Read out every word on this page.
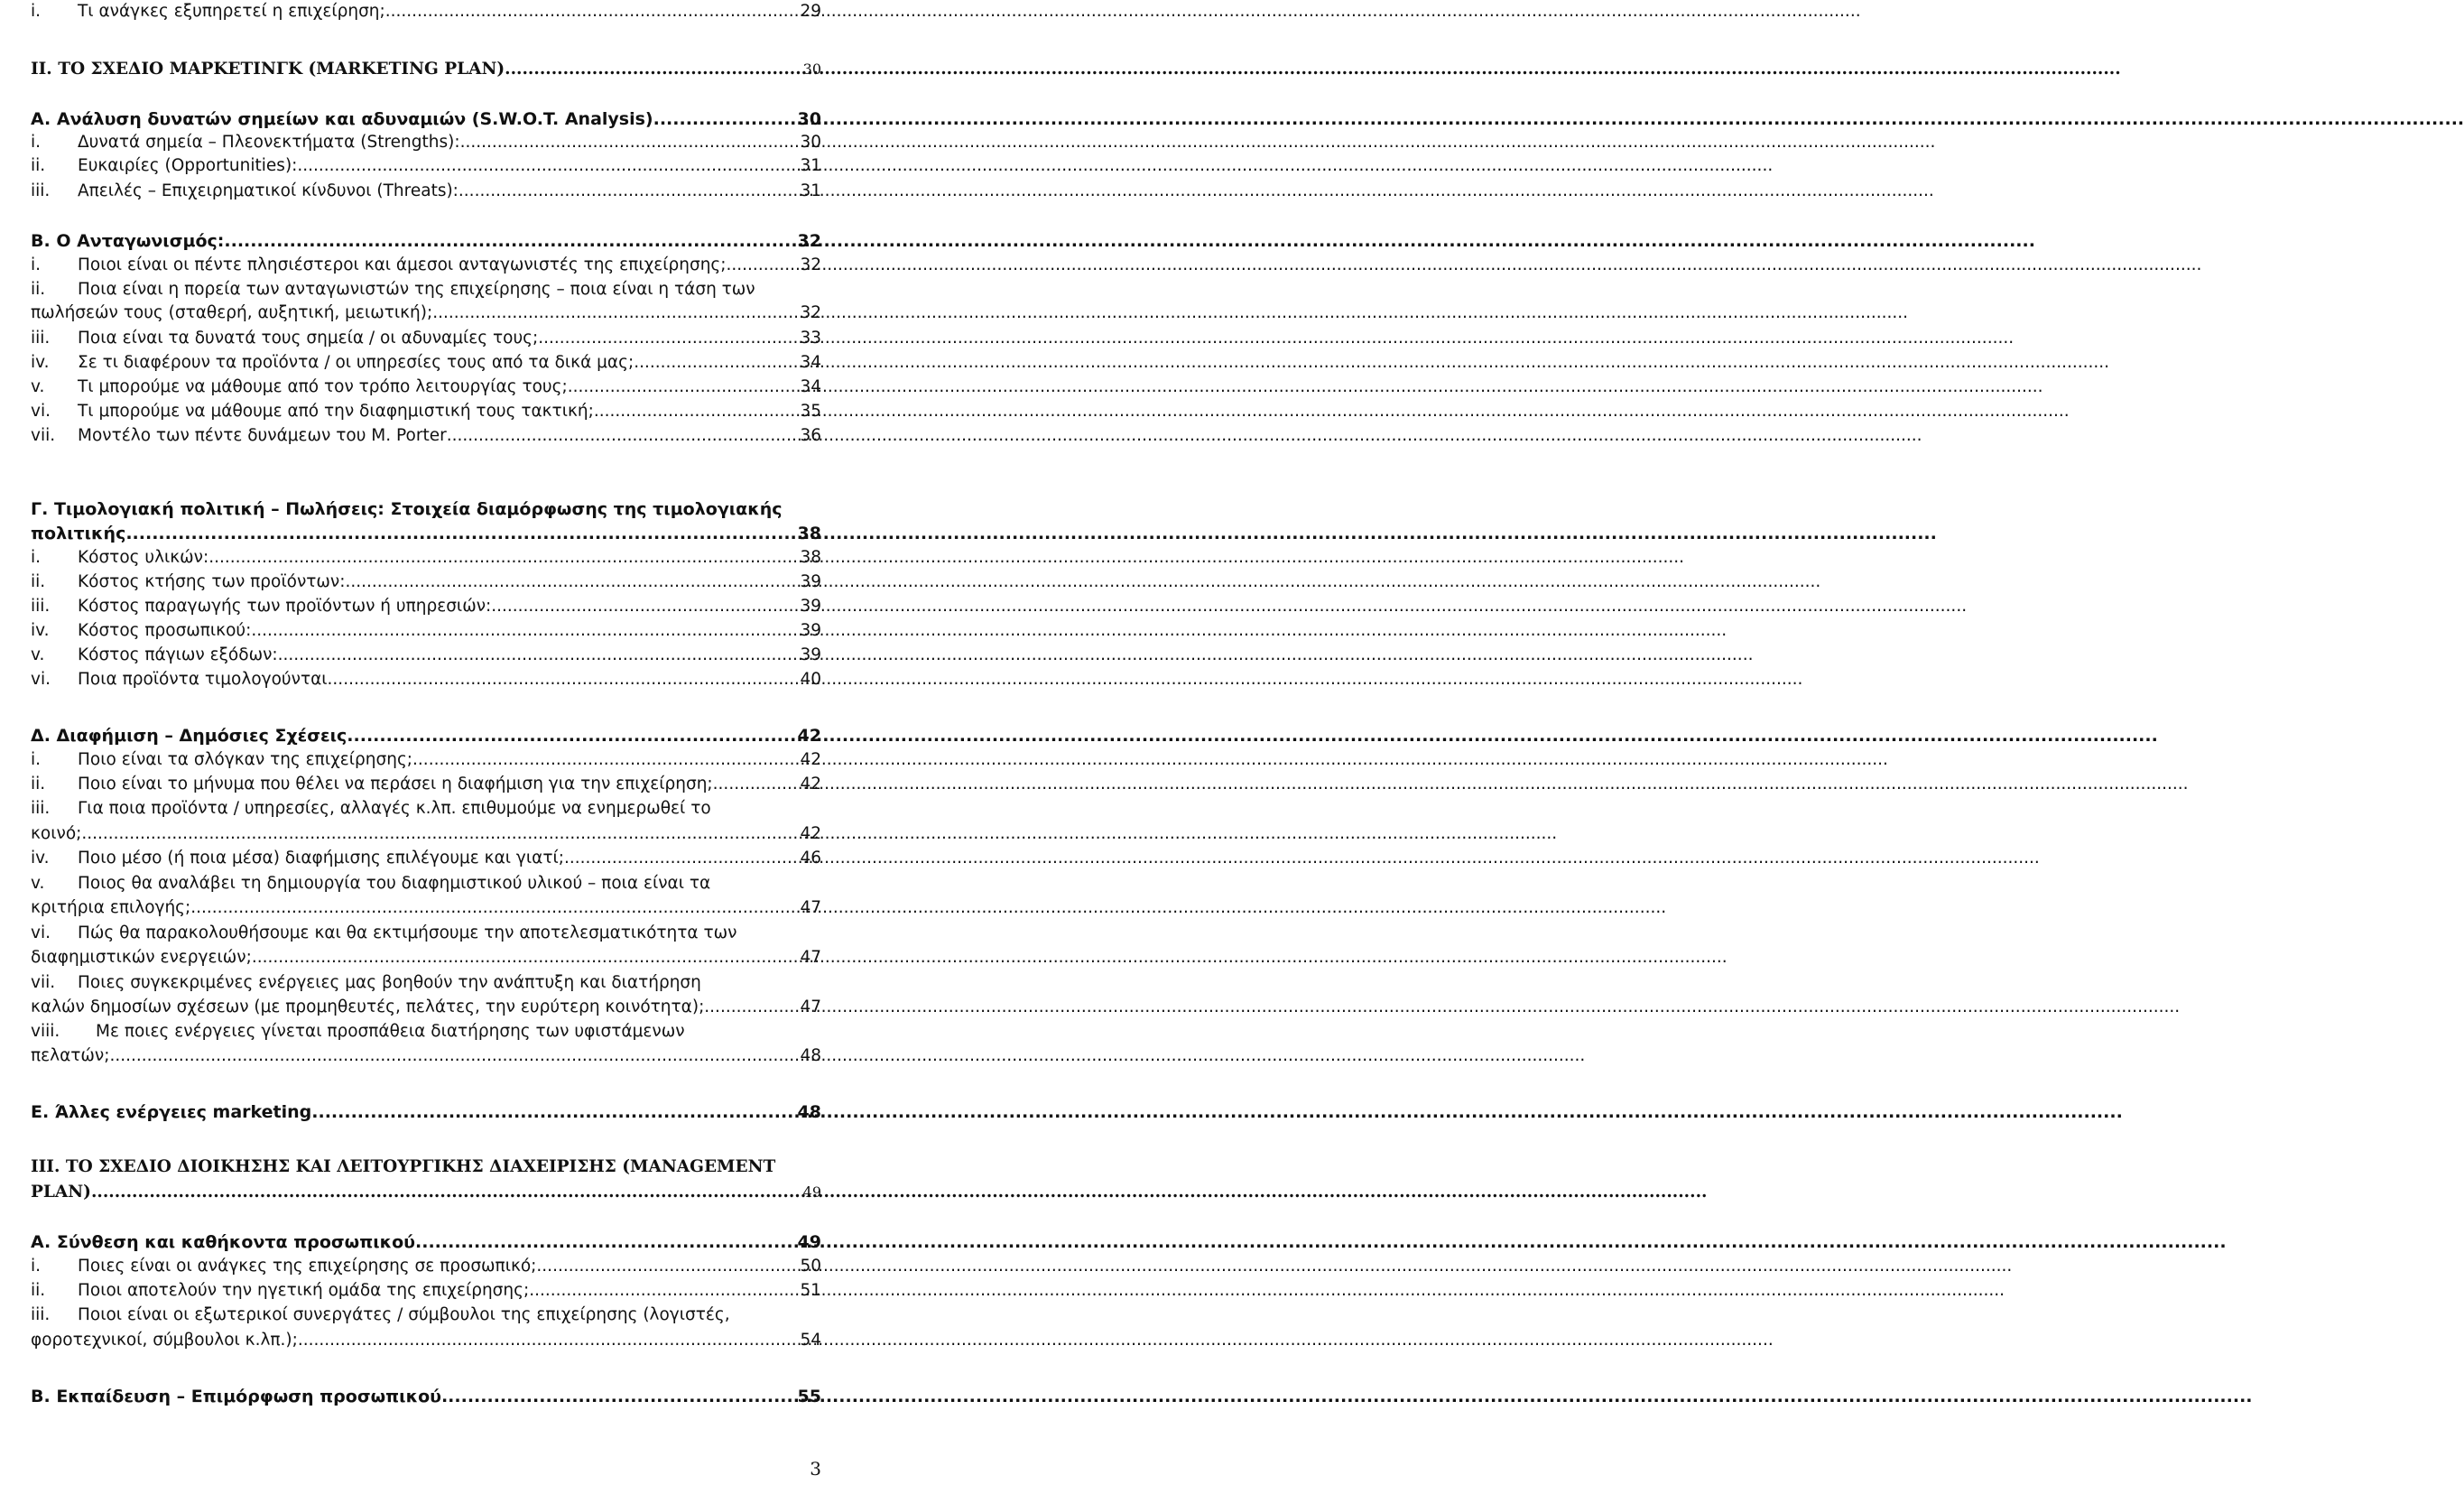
i.	Τι ανάγκες εξυπηρετεί η επιχείρηση; .....	29
II. ΤΟ ΣΧΕΔΙΟ ΜΑΡΚΕΤΙΝΓΚ (MARKETING PLAN) .....	30
A. Ανάλυση δυνατών σημείων και αδυναμιών (S.W.O.T. Analysis) .....	30
i.	Δυνατά σημεία – Πλεονεκτήματα (Strengths): .....	30
ii.	Ευκαιρίες (Opportunities): .....	31
iii.	Απειλές – Επιχειρηματικοί κίνδυνοι (Threats): .....	31
B. O Ανταγωνισμός: .....	32
i.	Ποιοι είναι οι πέντε πλησιέστεροι και άμεσοι ανταγωνιστές της επιχείρησης; .....	32
ii. Ποια είναι η πορεία των ανταγωνιστών της επιχείρησης – ποια είναι η τάση των
πωλήσεών τους (σταθερή, αυξητική, μειωτική); .....	32
iii.	Ποια είναι τα δυνατά τους σημεία / οι αδυναμίες τους; .....	33
iv.	Σε τι διαφέρουν τα προϊόντα / οι υπηρεσίες τους από τα δικά μας; .....	34
v.	Τι μπορούμε να μάθουμε από τον τρόπο λειτουργίας τους; .....	34
vi.	Τι μπορούμε να μάθουμε από την διαφημιστική τους τακτική; .....	35
vii.	Μοντέλο των πέντε δυνάμεων του Μ. Porter .....	36
Γ. Τιμολογιακή πολιτική – Πωλήσεις: Στοιχεία διαμόρφωσης της τιμολογιακής
πολιτικής .....	38
i.	Κόστος υλικών: .....	38
ii.	Κόστος κτήσης των προϊόντων: .....	39
iii.	Κόστος παραγωγής των προϊόντων ή υπηρεσιών: .....	39
iv.	Κόστος προσωπικού: .....	39
v.	Κόστος πάγιων εξόδων: .....	39
vi.	Ποια προϊόντα τιμολογούνται .....	40
Δ. Διαφήμιση – Δημόσιες Σχέσεις .....	42
i.	Ποιο είναι τα σλόγκαν της επιχείρησης; .....	42
ii.	Ποιο είναι το μήνυμα που θέλει να περάσει η διαφήμιση για την επιχείρηση; .....	42
iii. Για ποια προϊόντα / υπηρεσίες, αλλαγές κ.λπ. επιθυμούμε να ενημερωθεί το
κοινό; .....	42
iv.	Ποιο μέσο (ή ποια μέσα) διαφήμισης επιλέγουμε και γιατί; .....	46
v. Ποιος θα αναλάβει τη δημιουργία του διαφημιστικού υλικού – ποια είναι τα
κριτήρια επιλογής; .....	47
vi. Πώς θα παρακολουθήσουμε και θα εκτιμήσουμε την αποτελεσματικότητα των
διαφημιστικών ενεργειών; .....	47
vii. Ποιες συγκεκριμένες ενέργειες μας βοηθούν την ανάπτυξη και διατήρηση
καλών δημοσίων σχέσεων (με προμηθευτές, πελάτες, την ευρύτερη κοινότητα); .....	47
viii. Με ποιες ενέργειες γίνεται προσπάθεια διατήρησης των υφιστάμενων
πελατών; .....	48
E. Άλλες ενέργειες marketing .....	48
III. ΤΟ ΣΧΕΔΙΟ ΔΙΟΙΚΗΣΗΣ ΚΑΙ ΛΕΙΤΟΥΡΓΙΚΗΣ ΔΙΑΧΕΙΡΙΣΗΣ (MANAGEMENT
PLAN) .....	49
A. Σύνθεση και καθήκοντα προσωπικού .....	49
i.	Ποιες είναι οι ανάγκες της επιχείρησης σε προσωπικό; .....	50
ii.	Ποιοι αποτελούν την ηγετική ομάδα της επιχείρησης; .....	51
iii. Ποιοι είναι οι εξωτερικοί συνεργάτες / σύμβουλοι της επιχείρησης (λογιστές,
φοροτεχνικοί, σύμβουλοι κ.λπ.); .....	54
B. Εκπαίδευση – Επιμόρφωση προσωπικού .....	55
3
